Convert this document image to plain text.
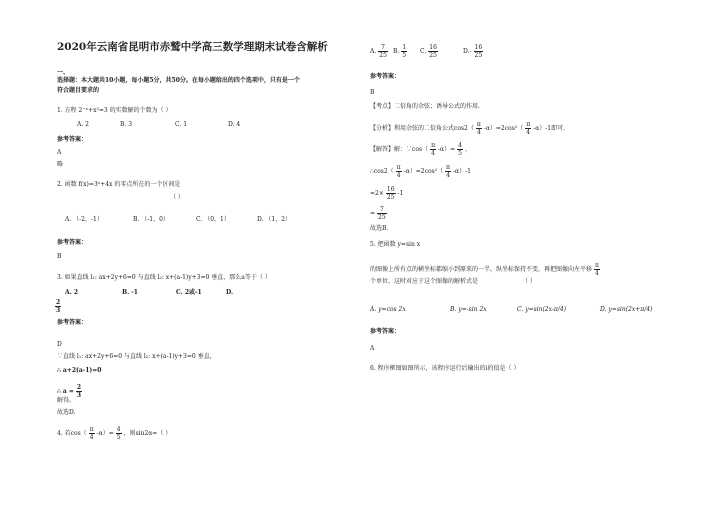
2020年云南省昆明市赤鹫中学高三数学理期末试卷含解析
一、
选择题：本大题共10小题，每小题5分，共50分。在每小题给出的四个选项中，只有是一个
符合题目要求的
1. 方程 2⁻ˣ+x²=3 的实数解的个数为（ ）
A. 2	B. 3	C. 1	D. 4
参考答案：
A
略
2. 函数 f(x)=3ˣ+4x 的零点所在的一个区间是
（ ）
A. （-2，-1）	B. （-1，0）	C. （0，1）	D. （1，2）
参考答案：
B
3. 如果直线 l₁: ax+2y+6=0 与直线 l₂: x+(a-1)y+3=0 垂直，那么a等于（ ）
A. 2	B. -1	C. 2或-1	D.
$\frac{2}{3}$
参考答案：
D
∵直线 l₁: ax+2y+6=0 与直线 l₂: x+(a-1)y+3=0 垂直，
∴ a+2(a-1)=0
∴ $a = \frac{2}{3}$
解得。
故选D.
4. 若$\cos( \frac{\pi}{4} -\alpha)= \frac{4}{5}$ ，则sin2α=（ ）
A. $\frac{7}{25} B$. $\frac{1}{5} C$. $\frac{16}{25}$	$D.- \frac{16}{25}$
参考答案：
B
【考点】二倍角的余弦；诱导公式的作用.
【分析】利用余弦的二倍角公式$\cos 2( \frac{\pi}{4} -\alpha)=2\cos^2( \frac{\pi}{4} -\alpha)-1$即可.
【解答】解：∵cos（ $\frac{\pi}{4} -\alpha)= \frac{4}{5}$ ，
∴cos2（ $\frac{\pi}{4} -\alpha)=2\cos^2( \frac{\pi}{4} -\alpha)-1$
$=2\times \frac{16}{25} -1$
= $\frac{7}{25}$
故选B.
5. 把函数 y=sin x
的图像上所有点的横坐标都缩小到原来的一半，纵坐标保持不变，再把图像向左平移 $\frac{\pi}{4}$
个单位，这时对应于这个图像的解析式是	（ ）
A. y=cos 2x	B. y=-sin 2x	C. y=sin(2x-π/4)	D. y=sin(2x+π/4)
参考答案：
A
6. 程序框图如图所示，该程序运行后输出的i的值是（ ）
